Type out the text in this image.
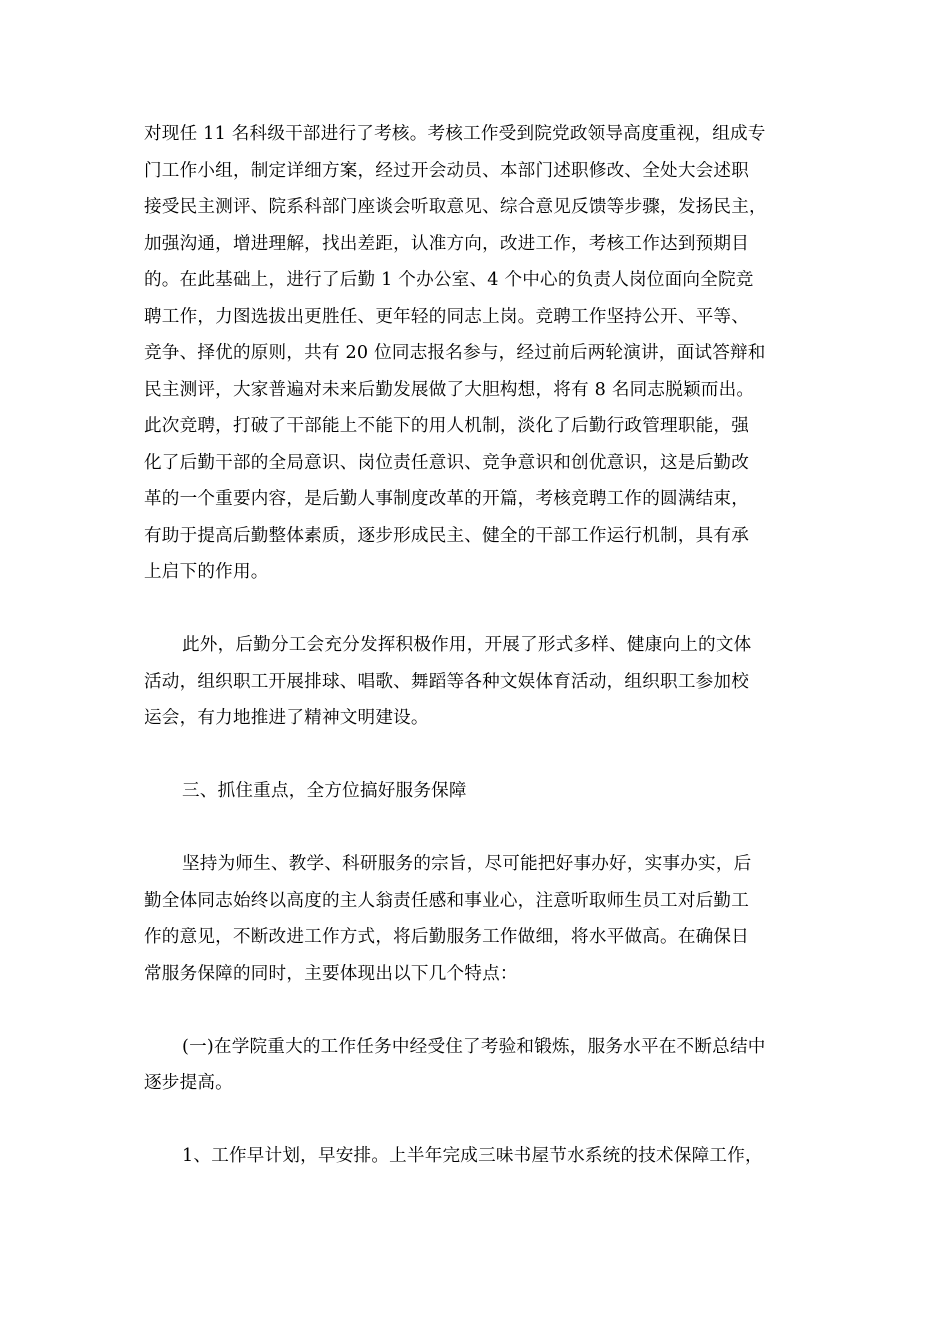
对现任 11 名科级干部进行了考核。考核工作受到院党政领导高度重视，组成专
门工作小组，制定详细方案，经过开会动员、本部门述职修改、全处大会述职
接受民主测评、院系科部门座谈会听取意见、综合意见反馈等步骤，发扬民主，
加强沟通，增进理解，找出差距，认准方向，改进工作，考核工作达到预期目
的。在此基础上，进行了后勤 1 个办公室、4 个中心的负责人岗位面向全院竞
聘工作，力图选拔出更胜任、更年轻的同志上岗。竞聘工作坚持公开、平等、
竞争、择优的原则，共有 20 位同志报名参与，经过前后两轮演讲，面试答辩和
民主测评，大家普遍对未来后勤发展做了大胆构想，将有 8 名同志脱颖而出。
此次竞聘，打破了干部能上不能下的用人机制，淡化了后勤行政管理职能，强
化了后勤干部的全局意识、岗位责任意识、竞争意识和创优意识，这是后勤改
革的一个重要内容，是后勤人事制度改革的开篇，考核竞聘工作的圆满结束，
有助于提高后勤整体素质，逐步形成民主、健全的干部工作运行机制，具有承
上启下的作用。

此外，后勤分工会充分发挥积极作用，开展了形式多样、健康向上的文体
活动，组织职工开展排球、唱歌、舞蹈等各种文娱体育活动，组织职工参加校
运会，有力地推进了精神文明建设。

三、抓住重点，全方位搞好服务保障

坚持为师生、教学、科研服务的宗旨，尽可能把好事办好，实事办实，后
勤全体同志始终以高度的主人翁责任感和事业心，注意听取师生员工对后勤工
作的意见，不断改进工作方式，将后勤服务工作做细，将水平做高。在确保日
常服务保障的同时，主要体现出以下几个特点：

(一)在学院重大的工作任务中经受住了考验和锻炼，服务水平在不断总结中
逐步提高。

1、工作早计划，早安排。上半年完成三味书屋节水系统的技术保障工作，
